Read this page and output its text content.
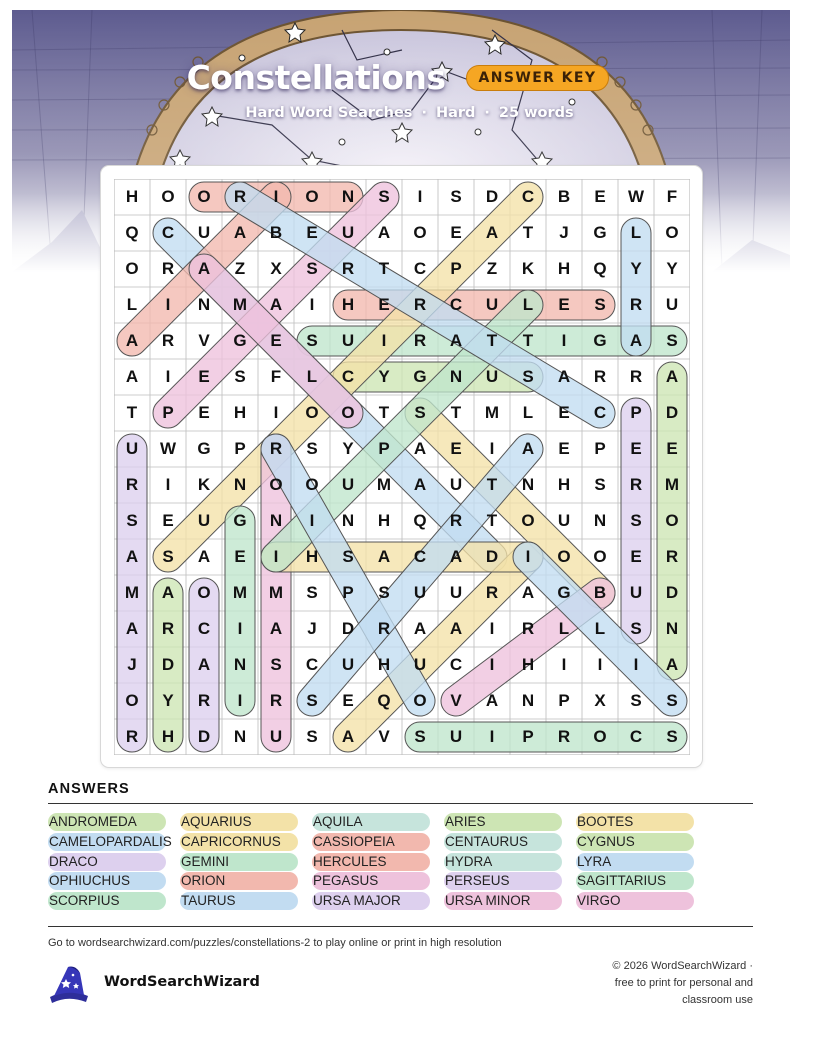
Constellations	ANSWER KEY
Hard Word Searches · Hard · 25 words
H	O	O	R	I	O	N	S	I	S	D	C	B	E	W	F
Q	C	U	A	B	E	U	A	O	E	A	T	J	G	L	O
O	R	A	Z	X	S	R	T	C	P	Z	K	H	Q	Y	Y
L	I	N	M	A	I	H	E	R	C	U	L	E	S	R	U
A	R	V	G	E	S	U	I	R	A	T	T	I	G	A	S
A	I	E	S	F	L	C	Y	G	N	U	S	A	R	R	A
T	P	E	H	I	O	O	T	S	T	M	L	E	C	P	D
U	W	G	P	R	S	Y	P	A	E	I	A	E	P	E	E
R	I	K	N	O	O	U	M	A	U	T	N	H	S	R	M
S	E	U	G	N	I	N	H	Q	R	T	O	U	N	S	O
A	S	A	E	I	H	S	A	C	A	D	I	O	O	E	R
M	A	O	M	M	S	P	S	U	U	R	A	G	B	U	D
A	R	C	I	A	J	D	R	A	A	I	R	L	L	S	N
J	D	A	N	S	C	U	H	U	C	I	H	I	I	I	A
O	Y	R	I	R	S	E	Q	O	V	A	N	P	X	S	S
R	H	D	N	U	S	A	V	S	U	I	P	R	O	C	S
ANSWERS
ANDROMEDA	AQUARIUS	AQUILA	ARIES	BOOTES
CAMELOPARDALIS CAPRICORNUS	CASSIOPEIA	CENTAURUS	CYGNUS
DRACO	GEMINI	HERCULES	HYDRA	LYRA
OPHIUCHUS	ORION	PEGASUS	PERSEUS	SAGITTARIUS
SCORPIUS	TAURUS	URSA MAJOR	URSA MINOR	VIRGO
Go to wordsearchwizard.com/puzzles/constellations-2 to play online or print in high resolution
WordSearchWizard
© 2026 WordSearchWizard ·
free to print for personal and
classroom use
